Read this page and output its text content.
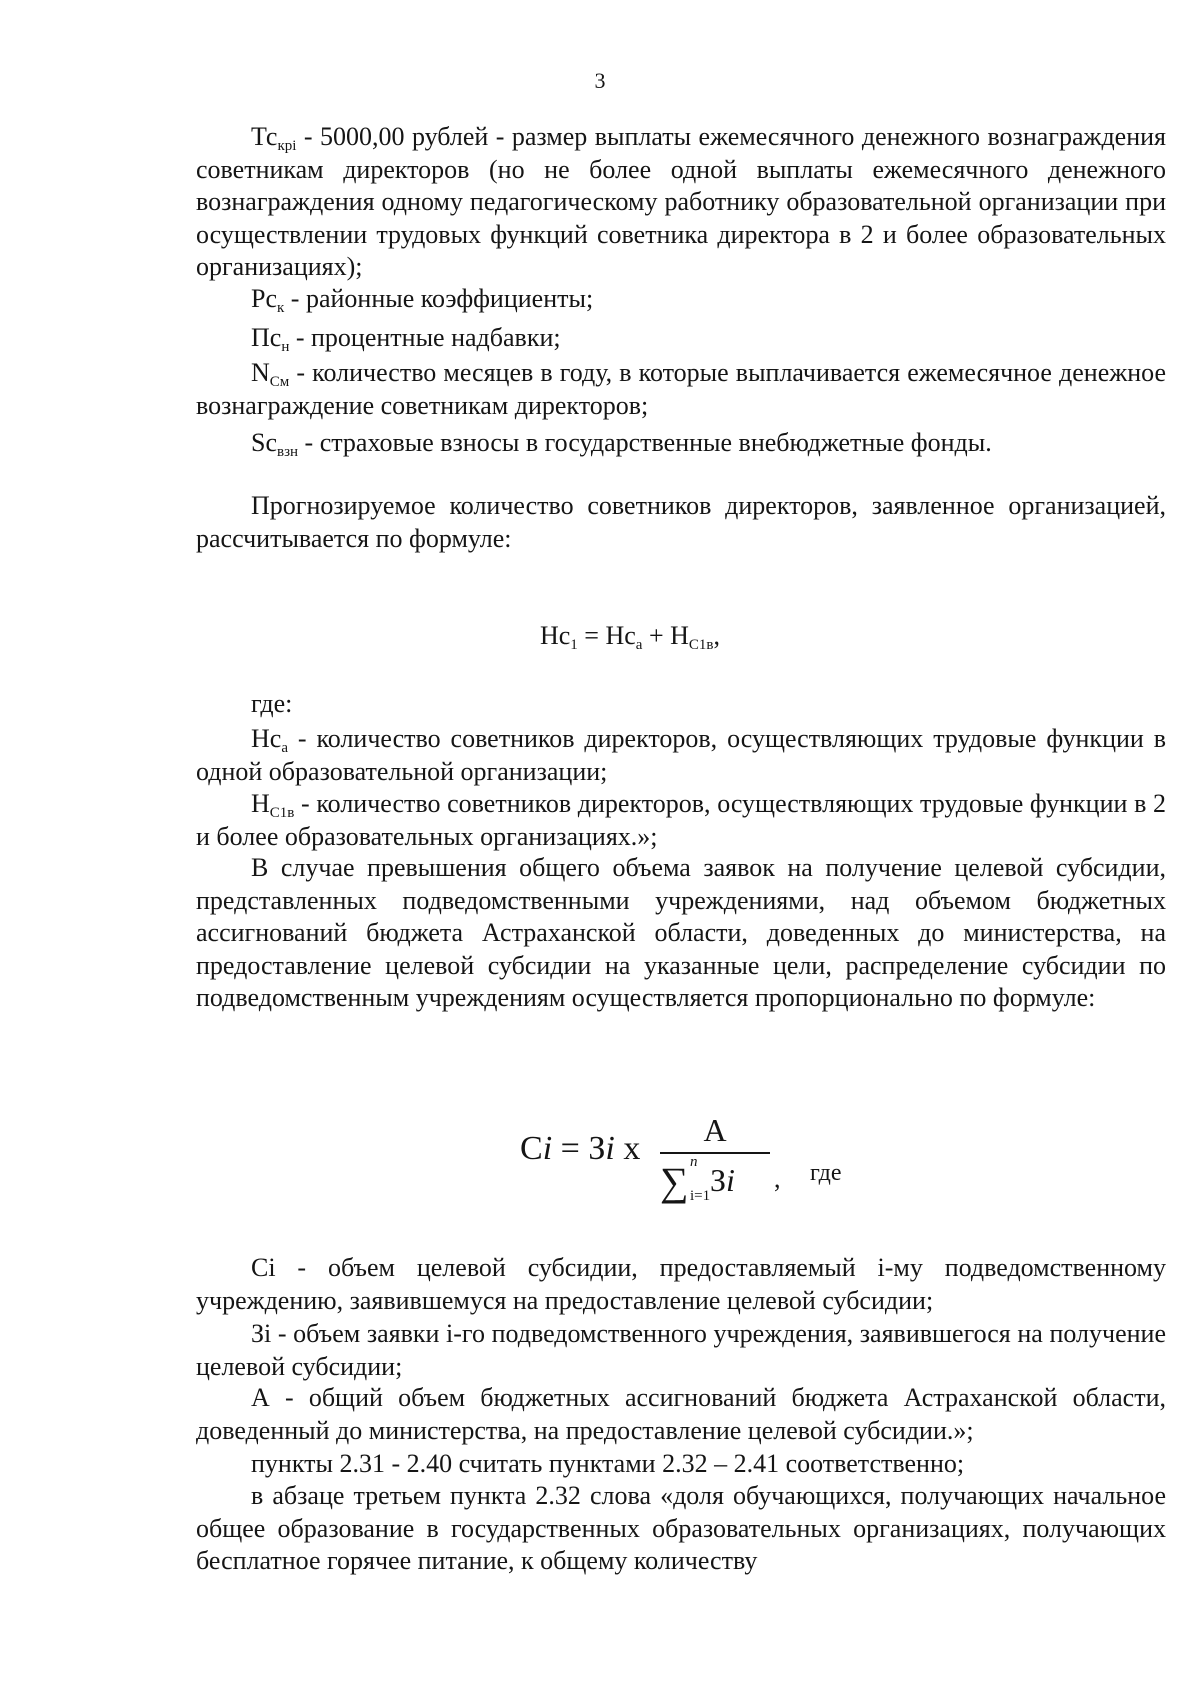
3

$Тс_{крi} - 5000,00$ рублей - размер выплаты ежемесячного денежного вознаграждения советникам директоров (но не более одной выплаты ежемесячного денежного вознаграждения одному педагогическому работнику образовательной организации при осуществлении трудовых функций советника директора в 2 и более образовательных организациях);

$Рс_к$ - районные коэффициенты;

$Пс_н$ - процентные надбавки;

$N_{См}$ - количество месяцев в году, в которые выплачивается ежемесячное денежное вознаграждение советникам директоров;

$Sc_{взн}$ - страховые взносы в государственные внебюджетные фонды.

Прогнозируемое количество советников директоров, заявленное организацией, рассчитывается по формуле:

$Нс_1 = Нс_а + Н_{С1в}$,

где:

$Нс_а$ - количество советников директоров, осуществляющих трудовые функции в одной образовательной организации;

$Н_{С1в}$ - количество советников директоров, осуществляющих трудовые функции в 2 и более образовательных организациях.»;

В случае превышения общего объема заявок на получение целевой субсидии, представленных подведомственными учреждениями, над объемом бюджетных ассигнований бюджета Астраханской области, доведенных до министерства, на предоставление целевой субсидии на указанные цели, распределение субсидии по подведомственным учреждениям осуществляется пропорционально по формуле:

Ci = Зi x	A
∑ n
i=1 Зi , где

Ci - объем целевой субсидии, предоставляемый i-му подведомственному учреждению, заявившемуся на предоставление целевой субсидии;

Зi - объем заявки i-го подведомственного учреждения, заявившегося на получение целевой субсидии;

А - общий объем бюджетных ассигнований бюджета Астраханской области, доведенный до министерства, на предоставление целевой субсидии.»;

пункты 2.31 - 2.40 считать пунктами 2.32 – 2.41 соответственно;

в абзаце третьем пункта 2.32 слова «доля обучающихся, получающих начальное общее образование в государственных образовательных организациях, получающих бесплатное горячее питание, к общему количеству
